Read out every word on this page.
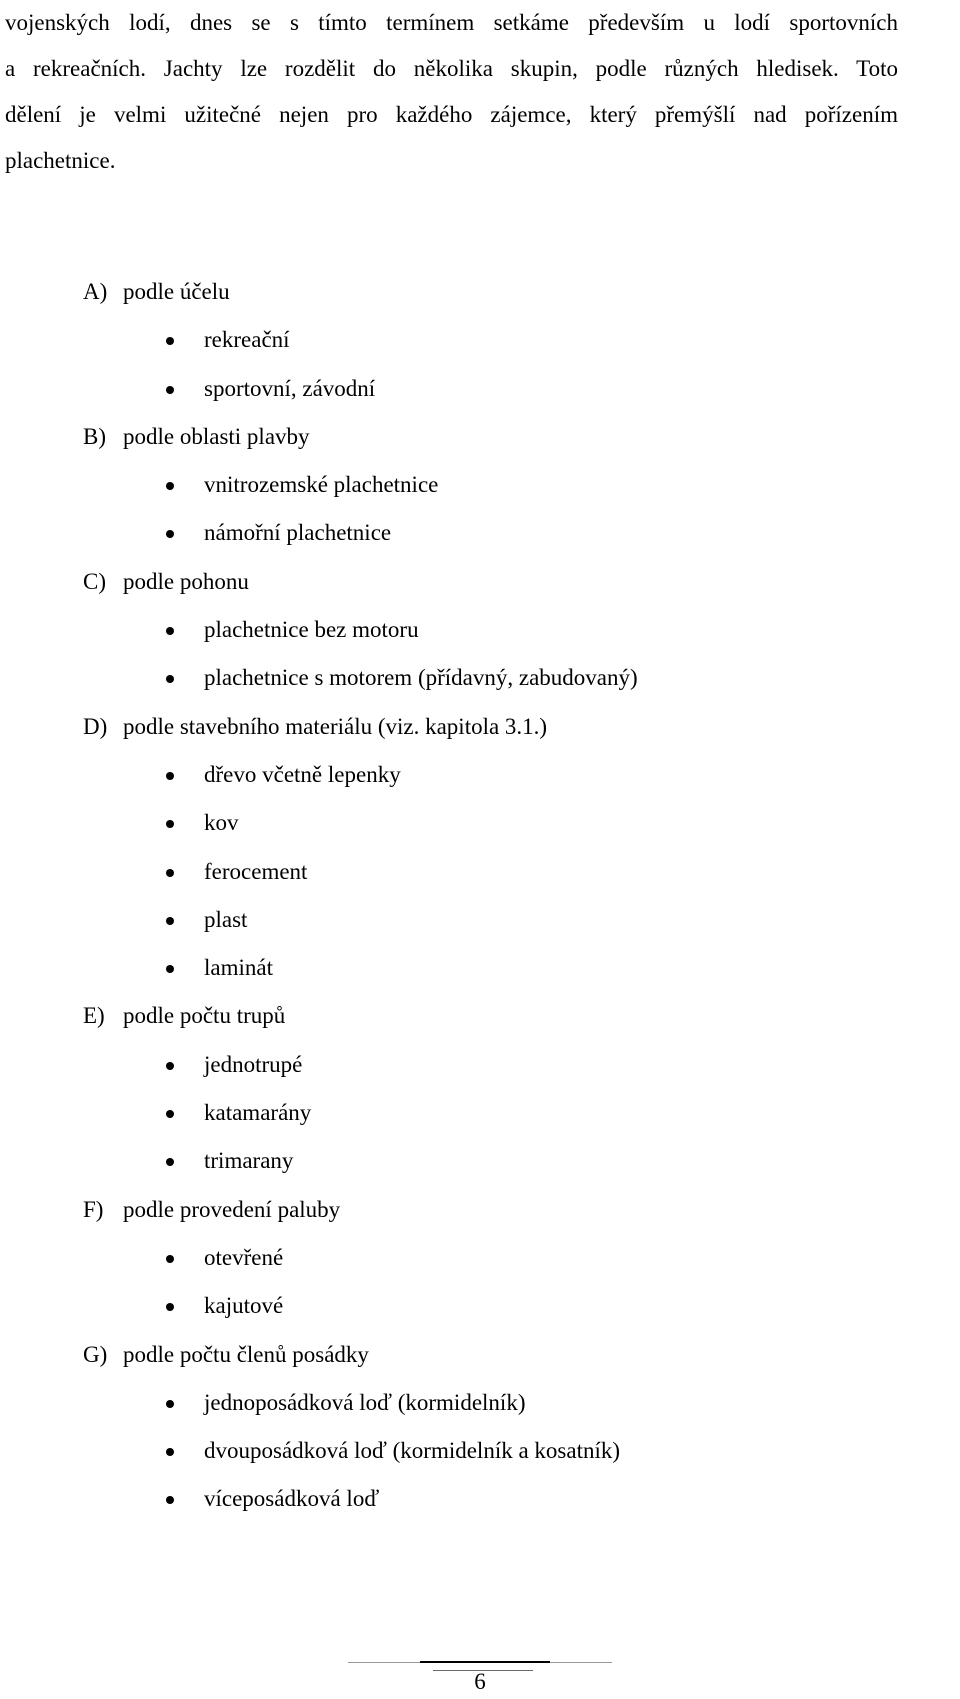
vojenských lodí, dnes se s tímto termínem setkáme především u lodí sportovních
a rekreačních. Jachty lze rozdělit do několika skupin, podle různých hledisek. Toto
dělení je velmi užitečné nejen pro každého zájemce, který přemýšlí nad pořízením
plachetnice.
A) podle účelu
rekreační
sportovní, závodní
B) podle oblasti plavby
vnitrozemské plachetnice
námořní plachetnice
C) podle pohonu
plachetnice bez motoru
plachetnice s motorem (přídavný, zabudovaný)
D) podle stavebního materiálu (viz. kapitola 3.1.)
dřevo včetně lepenky
kov
ferocement
plast
laminát
E) podle počtu trupů
jednotrupé
katamarány
trimarany
F) podle provedení paluby
otevřené
kajutové
G) podle počtu členů posádky
jednoposádková loď (kormidelník)
dvouposádková loď (kormidelník a kosatník)
víceposádková loď
6
